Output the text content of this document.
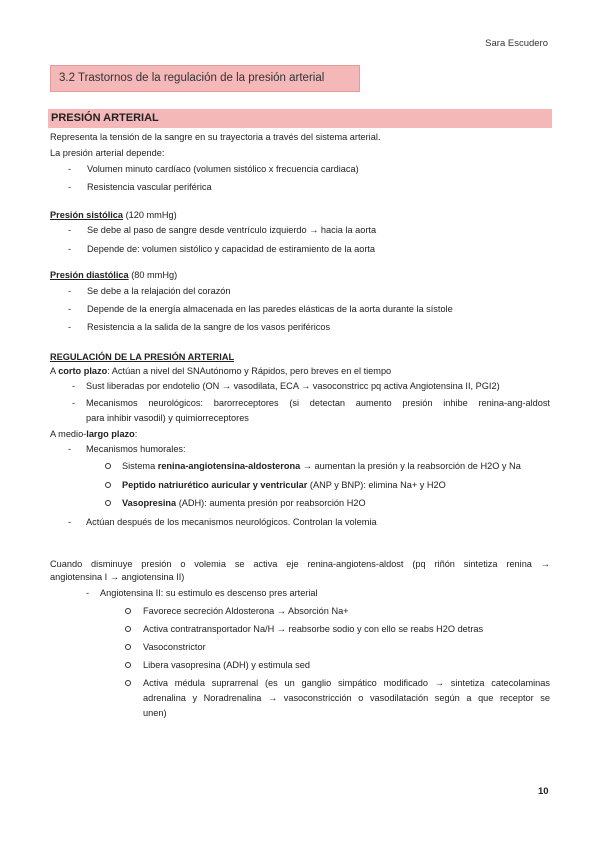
Sara Escudero
3.2 Trastornos de la regulación de la presión arterial
PRESIÓN ARTERIAL
Representa la tensión de la sangre en su trayectoria a través del sistema arterial.
La presión arterial depende:
- Volumen minuto cardíaco (volumen sistólico x frecuencia cardiaca)
- Resistencia vascular periférica
Presión sistólica (120 mmHg)
- Se debe al paso de sangre desde ventrículo izquierdo → hacia la aorta
- Depende de: volumen sistólico y capacidad de estiramiento de la aorta
Presión diastólica (80 mmHg)
- Se debe a la relajación del corazón
- Depende de la energía almacenada en las paredes elásticas de la aorta durante la sístole
- Resistencia a la salida de la sangre de los vasos periféricos
REGULACIÓN DE LA PRESIÓN ARTERIAL
A corto plazo: Actúan a nivel del SNAutónomo y Rápidos, pero breves en el tiempo
- Sust liberadas por endotelio (ON → vasodilata, ECA → vasoconstricc pq activa Angiotensina II, PGI2)
- Mecanismos neurológicos: barorreceptores (si detectan aumento presión inhibe renina-ang-aldost
para inhibir vasodil) y quimiorreceptores
A medio-largo plazo:
- Mecanismos humorales:
Sistema renina-angiotensina-aldosterona → aumentan la presión y la reabsorción de H2O y Na
Peptido natriurético auricular y ventricular (ANP y BNP): elimina Na+ y H2O
Vasopresina (ADH): aumenta presión por reabsorción H2O
- Actúan después de los mecanismos neurológicos. Controlan la volemia
Cuando disminuye presión o volemia se activa eje renina-angiotens-aldost (pq riñón sintetiza renina →
angiotensina I → angiotensina II)
- Angiotensina II: su estimulo es descenso pres arterial
Favorece secreción Aldosterona → Absorción Na+
Activa contratransportador Na/H → reabsorbe sodio y con ello se reabs H2O detras
Vasoconstrictor
Libera vasopresina (ADH) y estimula sed
Activa médula suprarrenal (es un ganglio simpático modificado → sintetiza catecolaminas
adrenalina y Noradrenalina → vasoconstricción o vasodilatación según a que receptor se
unen)
10
